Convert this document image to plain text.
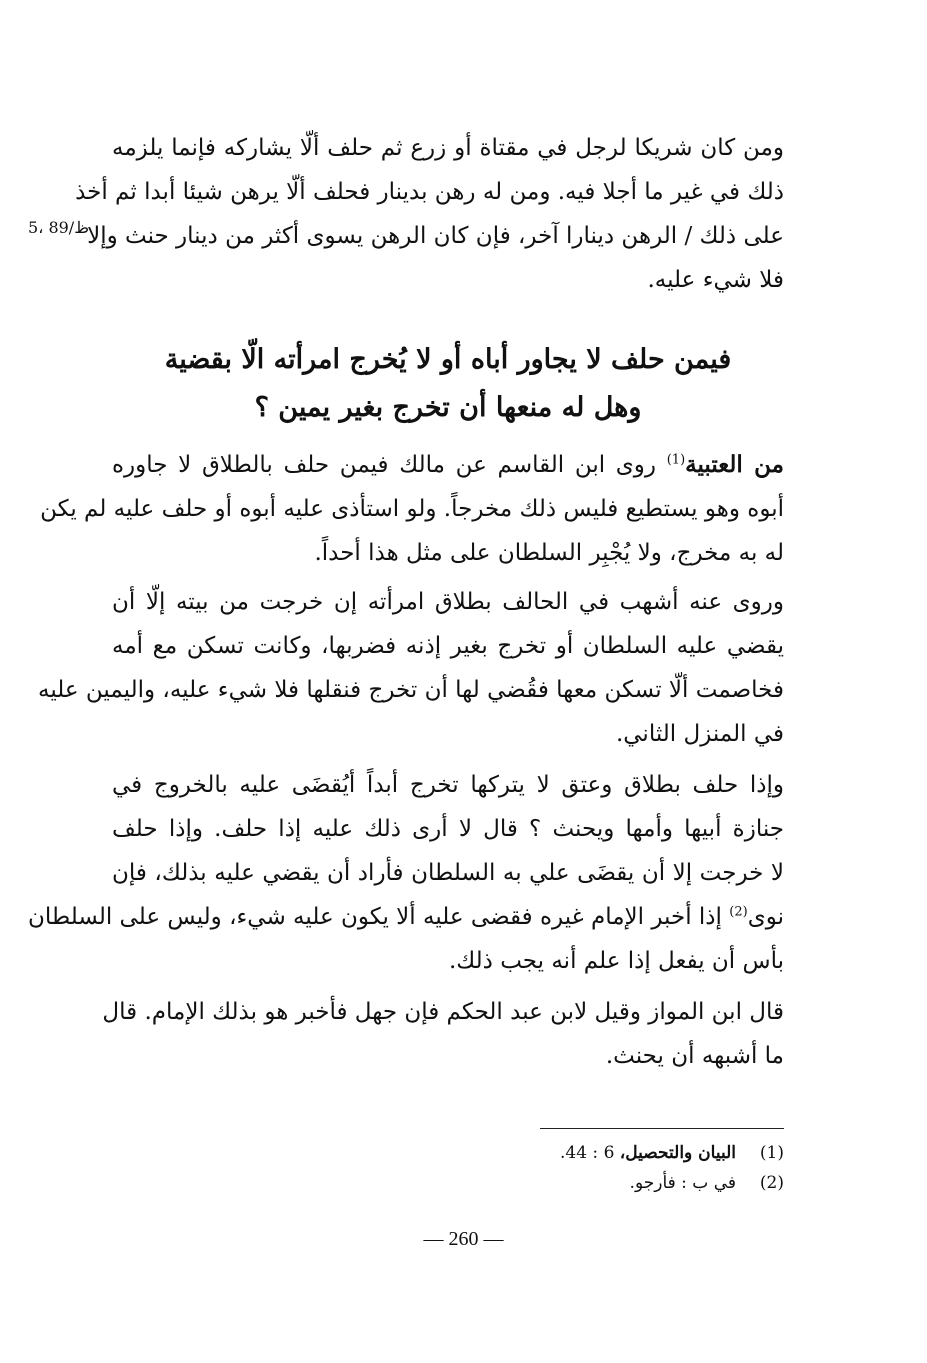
ظ/89 ،5
ومن كان شريكا لرجل في مقتاة أو زرع ثم حلف ألّا يشاركه فإنما يلزمه
ذلك في غير ما أجلا فيه. ومن له رهن بدينار فحلف ألّا يرهن شيئا أبدا ثم أخذ
على ذلك / الرهن دينارا آخر، فإن كان الرهن يسوى أكثر من دينار حنث وإلا
فلا شيء عليه.
فيمن حلف لا يجاور أباه أو لا يُخرج امرأته الّا بقضية
وهل له منعها أن تخرج بغير يمين ؟
من العتبية$^{(1)}$ روى ابن القاسم عن مالك فيمن حلف بالطلاق لا جاوره
أبوه وهو يستطيع فليس ذلك مخرجاً. ولو استأذى عليه أبوه أو حلف عليه لم يكن
له به مخرج، ولا يُجْبِر السلطان على مثل هذا أحداً.
وروى عنه أشهب في الحالف بطلاق امرأته إن خرجت من بيته إلّا أن
يقضي عليه السلطان أو تخرج بغير إذنه فضربها، وكانت تسكن مع أمه
فخاصمت ألّا تسكن معها فقُضي لها أن تخرج فنقلها فلا شيء عليه، واليمين عليه
في المنزل الثاني.
وإذا حلف بطلاق وعتق لا يتركها تخرج أبداً أيُقضَى عليه بالخروج في
جنازة أبيها وأمها ويحنث ؟ قال لا أرى ذلك عليه إذا حلف. وإذا حلف
لا خرجت إلا أن يقضَى علي به السلطان فأراد أن يقضي عليه بذلك، فإن
نوى$^{(2)}$ إذا أخبر الإمام غيره فقضى عليه ألا يكون عليه شيء، وليس على السلطان
بأس أن يفعل إذا علم أنه يجب ذلك.
قال ابن المواز وقيل لابن عبد الحكم فإن جهل فأخبر هو بذلك الإمام. قال
ما أشبهه أن يحنث.
(1)البيان والتحصيل، 6 : 44.
(2)في ب : فأرجو.
— 260 —
